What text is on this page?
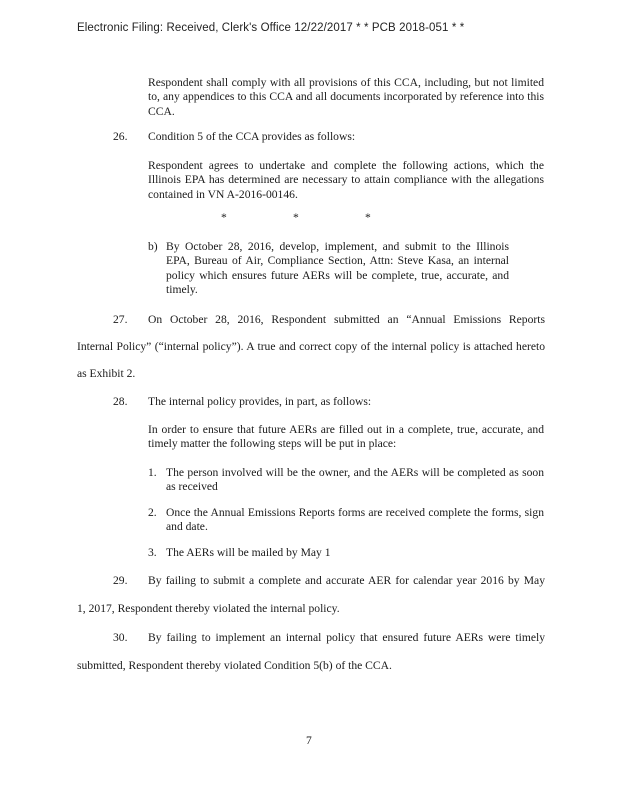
Electronic Filing: Received, Clerk's Office 12/22/2017 * * PCB 2018-051 * *
Respondent shall comply with all provisions of this CCA, including, but not limited to, any appendices to this CCA and all documents incorporated by reference into this CCA.
26. Condition 5 of the CCA provides as follows:
Respondent agrees to undertake and complete the following actions, which the Illinois EPA has determined are necessary to attain compliance with the allegations contained in VN A-2016-00146.
*	*	*
b) By October 28, 2016, develop, implement, and submit to the Illinois EPA, Bureau of Air, Compliance Section, Attn: Steve Kasa, an internal policy which ensures future AERs will be complete, true, accurate, and timely.
27. On October 28, 2016, Respondent submitted an “Annual Emissions Reports
Internal Policy” (“internal policy”). A true and correct copy of the internal policy is attached hereto
as Exhibit 2.
28. The internal policy provides, in part, as follows:
In order to ensure that future AERs are filled out in a complete, true, accurate, and timely matter the following steps will be put in place:
1. The person involved will be the owner, and the AERs will be completed as soon as received
2. Once the Annual Emissions Reports forms are received complete the forms, sign and date.
3. The AERs will be mailed by May 1
29. By failing to submit a complete and accurate AER for calendar year 2016 by May
1, 2017, Respondent thereby violated the internal policy.
30. By failing to implement an internal policy that ensured future AERs were timely
submitted, Respondent thereby violated Condition 5(b) of the CCA.
7
